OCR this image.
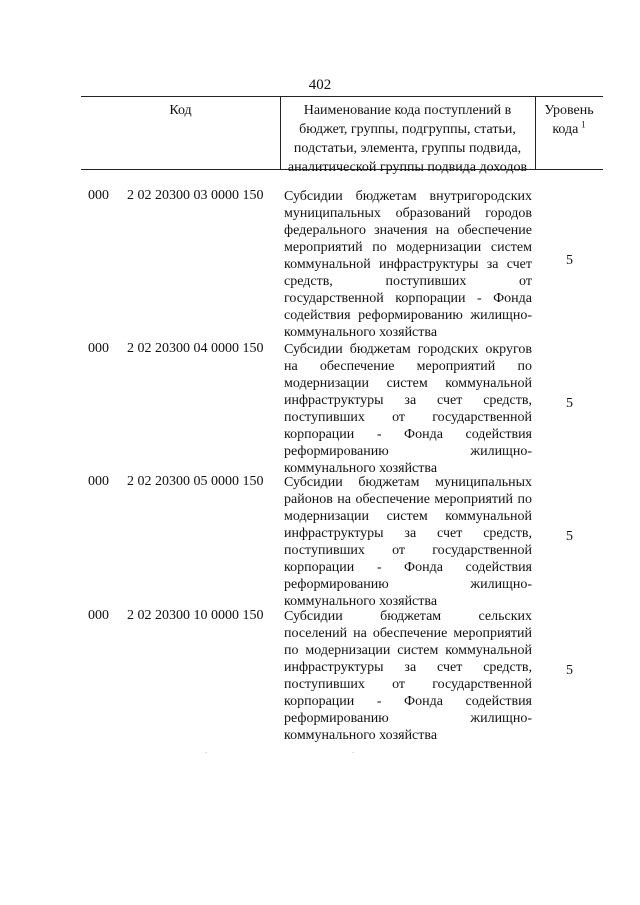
402
Код	Наименование кода поступлений в
бюджет, группы, подгруппы, статьи,
подстатьи, элемента, группы подвида,
аналитической группы подвида доходов
Уровень
кода  $^1$
000 2 02 20300 03 0000 150 Субсидии бюджетам внутригородских
муниципальных образований городов
федерального значения на обеспечение
мероприятий по модернизации систем
коммунальной инфраструктуры за счет
средств, поступивших от
государственной корпорации - Фонда
содействия реформированию жилищно-
коммунального хозяйства
5
000 2 02 20300 04 0000 150 Субсидии бюджетам городских округов
на обеспечение мероприятий по
модернизации систем коммунальной
инфраструктуры за счет средств,
поступивших от государственной
корпорации - Фонда содействия
реформированию жилищно-
коммунального хозяйства
5
000 2 02 20300 05 0000 150 Субсидии бюджетам муниципальных
районов на обеспечение мероприятий по
модернизации систем коммунальной
инфраструктуры за счет средств,
поступивших от государственной
корпорации - Фонда содействия
реформированию жилищно-
коммунального хозяйства
5
000 2 02 20300 10 0000 150 Субсидии бюджетам сельских
поселений на обеспечение мероприятий
по модернизации систем коммунальной
инфраструктуры за счет средств,
поступивших от государственной
корпорации - Фонда содействия
реформированию жилищно-
коммунального хозяйства
5
